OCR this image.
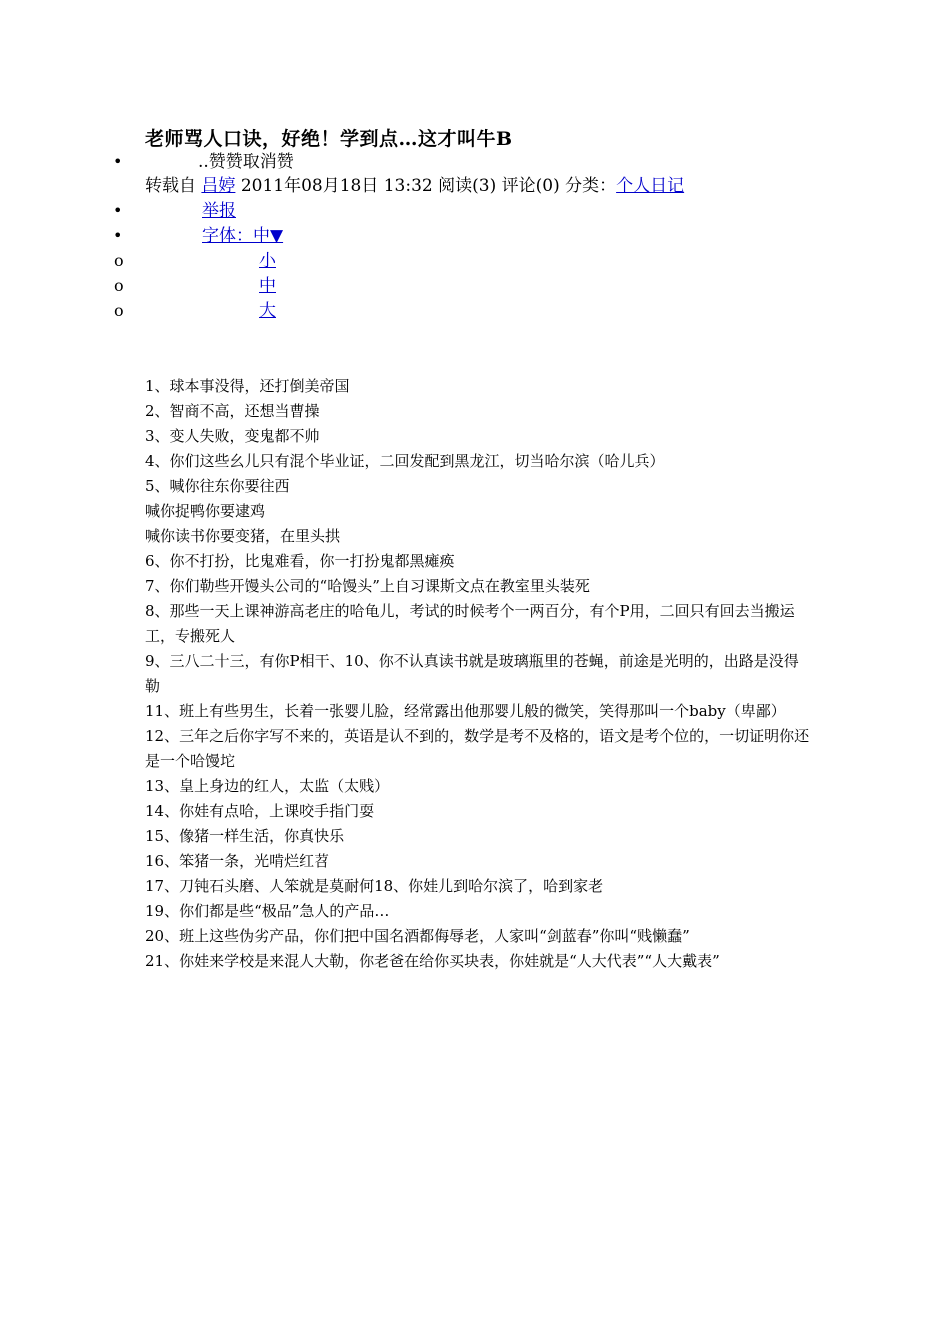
老师骂人口诀，好绝！学到点…这才叫牛B
•	..赞赞取消赞
转载自 吕婷 2011年08月18日 13:32 阅读(3) 评论(0) 分类：个人日记
•	举报
•	字体：中▼
o	小
o	中
o	大

1、球本事没得，还打倒美帝国

2、智商不高，还想当曹操

3、变人失败，变鬼都不帅

4、你们这些幺儿只有混个毕业证，二回发配到黑龙江，切当哈尔滨（哈儿兵）

5、喊你往东你要往西

喊你捉鸭你要逮鸡

喊你读书你要变猪，在里头拱

6、你不打扮，比鬼难看，你一打扮鬼都黑瘫痪

7、你们勒些开馒头公司的“哈馒头”上自习课斯文点在教室里头装死

8、那些一天上课神游高老庄的哈龟儿，考试的时候考个一两百分，有个P用，二回只有回去当搬运工，专搬死人

9、三八二十三，有你P相干、10、你不认真读书就是玻璃瓶里的苍蝇，前途是光明的，出路是没得勒

11、班上有些男生，长着一张婴儿脸，经常露出他那婴儿般的微笑，笑得那叫一个baby（卑鄙）

12、三年之后你字写不来的，英语是认不到的，数学是考不及格的，语文是考个位的，一切证明你还是一个哈馒坨

13、皇上身边的红人，太监（太贱）

14、你娃有点哈，上课咬手指门耍

15、像猪一样生活，你真快乐

16、笨猪一条，光啃烂红苕

17、刀钝石头磨、人笨就是莫耐何18、你娃儿到哈尔滨了，哈到家老

19、你们都是些“极品”急人的产品…

20、班上这些伪劣产品，你们把中国名酒都侮辱老，人家叫“剑蓝春”你叫“贱懒蠢”

21、你娃来学校是来混人大勒，你老爸在给你买块表，你娃就是“人大代表”“人大戴表”
